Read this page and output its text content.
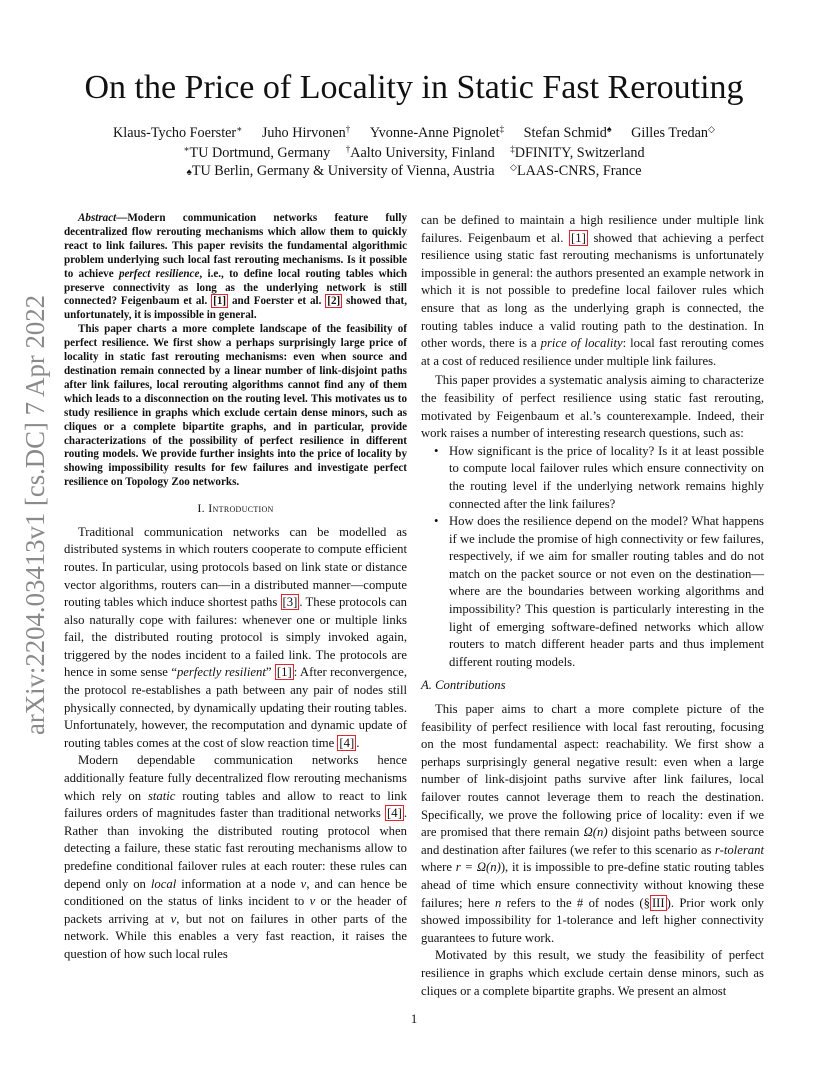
arXiv:2204.03413v1 [cs.DC] 7 Apr 2022
On the Price of Locality in Static Fast Rerouting
Klaus-Tycho Foerster∗ Juho Hirvonen† Yvonne-Anne Pignolet‡ Stefan Schmid♠ Gilles Tredan◇
∗TU Dortmund, Germany †Aalto University, Finland ‡DFINITY, Switzerland
♠TU Berlin, Germany & University of Vienna, Austria ◇LAAS-CNRS, France

Abstract—Modern communication networks feature fully decentralized flow rerouting mechanisms which allow them to quickly react to link failures. This paper revisits the fundamental algorithmic problem underlying such local fast rerouting mechanisms. Is it possible to achieve perfect resilience, i.e., to define local routing tables which preserve connectivity as long as the underlying network is still connected? Feigenbaum et al. [1] and Foerster et al. [2] showed that, unfortunately, it is impossible in general.

This paper charts a more complete landscape of the feasibility of perfect resilience. We first show a perhaps surprisingly large price of locality in static fast rerouting mechanisms: even when source and destination remain connected by a linear number of link-disjoint paths after link failures, local rerouting algorithms cannot find any of them which leads to a disconnection on the routing level. This motivates us to study resilience in graphs which exclude certain dense minors, such as cliques or a complete bipartite graphs, and in particular, provide characterizations of the possibility of perfect resilience in different routing models. We provide further insights into the price of locality by showing impossibility results for few failures and investigate perfect resilience on Topology Zoo networks.

I. Introduction

Traditional communication networks can be modelled as distributed systems in which routers cooperate to compute efficient routes. In particular, using protocols based on link state or distance vector algorithms, routers can—in a distributed manner—compute routing tables which induce shortest paths [3] . These protocols can also naturally cope with failures: whenever one or multiple links fail, the distributed routing protocol is simply invoked again, triggered by the nodes incident to a failed link. The protocols are hence in some sense “perfectly resilient” [1] : After reconvergence, the protocol re-establishes a path between any pair of nodes still physically connected, by dynamically updating their routing tables. Unfortunately, however, the recomputation and dynamic update of routing tables comes at the cost of slow reaction time [4] .

Modern dependable communication networks hence additionally feature fully decentralized flow rerouting mechanisms which rely on static routing tables and allow to react to link failures orders of magnitudes faster than traditional networks [4] . Rather than invoking the distributed routing protocol when detecting a failure, these static fast rerouting mechanisms allow to predefine conditional failover rules at each router: these rules can depend only on local information at a node v, and can hence be conditioned on the status of links incident to v or the header of packets arriving at v, but not on failures in other parts of the network. While this enables a very fast reaction, it raises the question of how such local rules

can be defined to maintain a high resilience under multiple link failures. Feigenbaum et al. [1] showed that achieving a perfect resilience using static fast rerouting mechanisms is unfortunately impossible in general: the authors presented an example network in which it is not possible to predefine local failover rules which ensure that as long as the underlying graph is connected, the routing tables induce a valid routing path to the destination. In other words, there is a price of locality: local fast rerouting comes at a cost of reduced resilience under multiple link failures.

This paper provides a systematic analysis aiming to characterize the feasibility of perfect resilience using static fast rerouting, motivated by Feigenbaum et al.’s counterexample. Indeed, their work raises a number of interesting research questions, such as:

• How significant is the price of locality? Is it at least possible to compute local failover rules which ensure connectivity on the routing level if the underlying network remains highly connected after the link failures?
• How does the resilience depend on the model? What happens if we include the promise of high connectivity or few failures, respectively, if we aim for smaller routing tables and do not match on the packet source or not even on the destination—where are the boundaries between working algorithms and impossibility? This question is particularly interesting in the light of emerging software-defined networks which allow routers to match different header parts and thus implement different routing models.
A. Contributions

This paper aims to chart a more complete picture of the feasibility of perfect resilience with local fast rerouting, focusing on the most fundamental aspect: reachability. We first show a perhaps surprisingly general negative result: even when a large number of link-disjoint paths survive after link failures, local failover routes cannot leverage them to reach the destination. Specifically, we prove the following price of locality: even if we are promised that there remain Ω(n) disjoint paths between source and destination after failures (we refer to this scenario as r-tolerant where r = Ω(n)), it is impossible to pre-define static routing tables ahead of time which ensure connectivity without knowing these failures; here n refers to the # of nodes (§ III ). Prior work only showed impossibility for 1-tolerance and left higher connectivity guarantees to future work.

Motivated by this result, we study the feasibility of perfect resilience in graphs which exclude certain dense minors, such as cliques or a complete bipartite graphs. We present an almost

1
